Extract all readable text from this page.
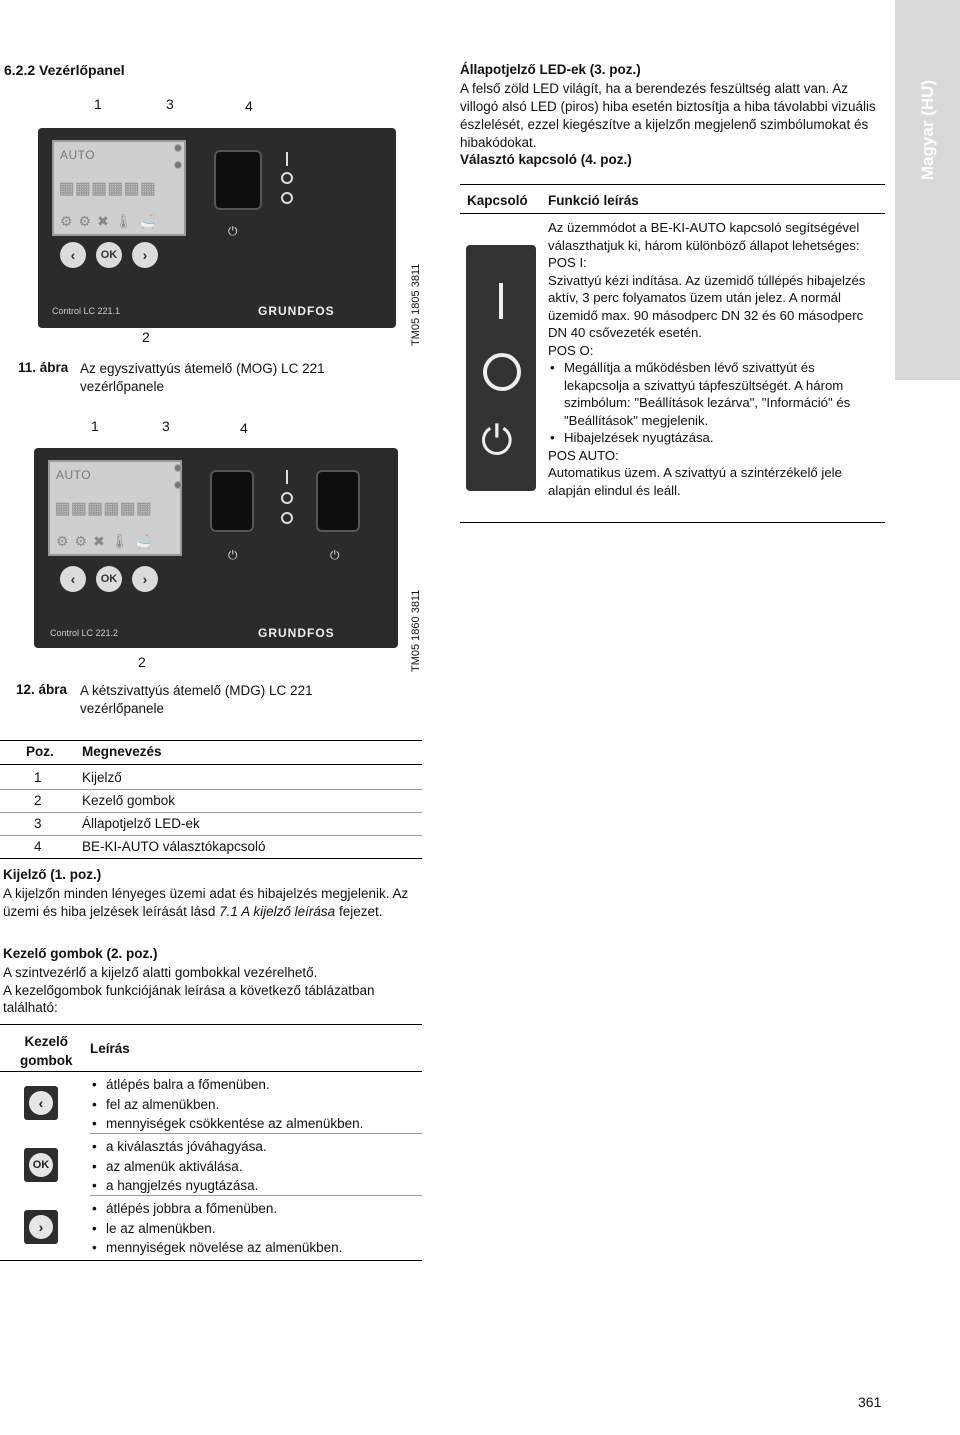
Magyar (HU)
6.2.2 Vezérlőpanel
1	3	4
AUTO
▦▦▦▦▦▦
⚙⚙✖🌡🛁
‹	OK	›
⏻
Control LC 221.1	GRUNDFOS
2	TM05 1805 3811
11. ábra Az egyszivattyús átemelő (MOG) LC 221 vezérlőpanele
1	3	4
AUTO
▦▦▦▦▦▦
⚙⚙✖🌡🛁
‹	OK	›
⏻	⏻
Control LC 221.2	GRUNDFOS
2	TM05 1860 3811
12. ábra A kétszivattyús átemelő (MDG) LC 221 vezérlőpanele
Állapotjelző LED-ek (3. poz.)
A felső zöld LED világít, ha a berendezés feszültség alatt van. Az villogó alsó LED (piros) hiba esetén biztosítja a hiba távolabbi vizuális észlelését, ezzel kiegészítve a kijelzőn megjelenő szimbólumokat és hibakódokat.
Választó kapcsoló (4. poz.)
Kapcsoló Funkció leírás
⏻
Az üzemmódot a BE-KI-AUTO kapcsoló segítségével választhatjuk ki, három különböző állapot lehetséges:
POS I:
Szivattyú kézi indítása. Az üzemidő túllépés hibajelzés aktív, 3 perc folyamatos üzem után jelez. A normál üzemidő max. 90 másodperc DN 32 és 60 másodperc DN 40 csővezeték esetén.
POS O:
• Megállítja a működésben lévő szivattyút és lekapcsolja a szivattyú tápfeszültségét. A három szimbólum: "Beállítások lezárva", "Információ" és "Beállítások" megjelenik.
• Hibajelzések nyugtázása.
POS AUTO:
Automatikus üzem. A szivattyú a szintérzékelő jele alapján elindul és leáll.
Poz. Megnevezés
1	Kijelző
2	Kezelő gombok
3	Állapotjelző LED-ek
4	BE-KI-AUTO választókapcsoló
Kijelző (1. poz.)
A kijelzőn minden lényeges üzemi adat és hibajelzés megjelenik. Az üzemi és hiba jelzések leírását lásd 7.1 A kijelző leírása fejezet.
Kezelő gombok (2. poz.)
A szintvezérlő a kijelző alatti gombokkal vezérelhető.
A kezelőgombok funkciójának leírása a következő táblázatban található:
Kezelő
gombok
Leírás
‹
• átlépés balra a főmenüben.
• fel az almenükben.
• mennyiségek csökkentése az almenükben.
OK
• a kiválasztás jóváhagyása.
• az almenük aktiválása.
• a hangjelzés nyugtázása.
›
• átlépés jobbra a főmenüben.
• le az almenükben.
• mennyiségek növelése az almenükben.
361
